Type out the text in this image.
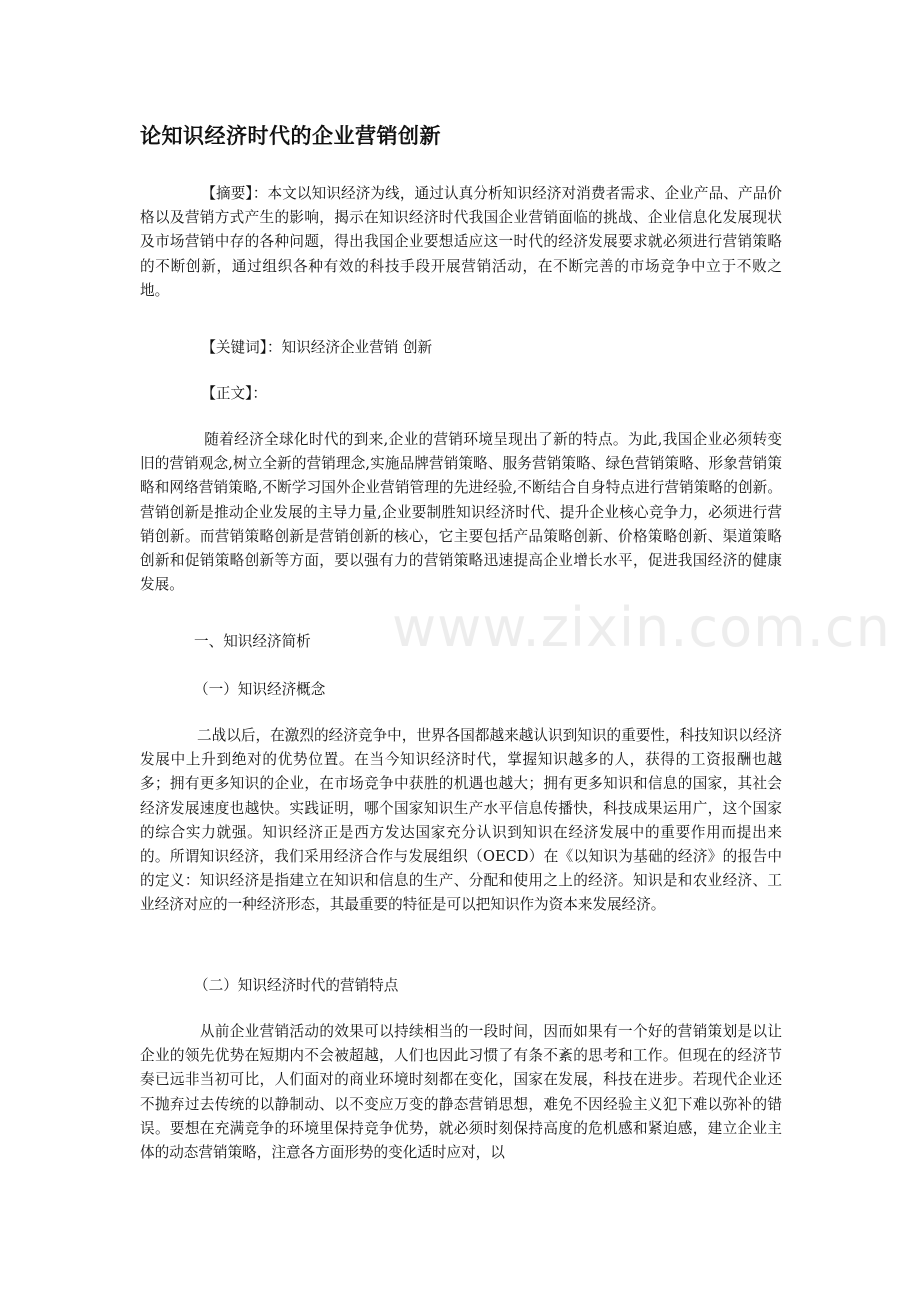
论知识经济时代的企业营销创新

【摘要】：本文以知识经济为线，通过认真分析知识经济对消费者需求、企业产品、产品价格以及营销方式产生的影响，揭示在知识经济时代我国企业营销面临的挑战、企业信息化发展现状及市场营销中存的各种问题，得出我国企业要想适应这一时代的经济发展要求就必须进行营销策略的不断创新，通过组织各种有效的科技手段开展营销活动，在不断完善的市场竞争中立于不败之地。

【关键词】：知识经济企业营销 创新

【正文】：

随着经济全球化时代的到来,企业的营销环境呈现出了新的特点。为此,我国企业必须转变旧的营销观念,树立全新的营销理念,实施品牌营销策略、服务营销策略、绿色营销策略、形象营销策略和网络营销策略,不断学习国外企业营销管理的先进经验,不断结合自身特点进行营销策略的创新。营销创新是推动企业发展的主导力量,企业要制胜知识经济时代、提升企业核心竞争力，必须进行营销创新。而营销策略创新是营销创新的核心，它主要包括产品策略创新、价格策略创新、渠道策略创新和促销策略创新等方面，要以强有力的营销策略迅速提高企业增长水平，促进我国经济的健康发展。

一、知识经济简析

（一）知识经济概念

二战以后，在激烈的经济竞争中，世界各国都越来越认识到知识的重要性，科技知识以经济发展中上升到绝对的优势位置。在当今知识经济时代，掌握知识越多的人，获得的工资报酬也越多；拥有更多知识的企业，在市场竞争中获胜的机遇也越大；拥有更多知识和信息的国家，其社会经济发展速度也越快。实践证明，哪个国家知识生产水平信息传播快，科技成果运用广，这个国家的综合实力就强。知识经济正是西方发达国家充分认识到知识在经济发展中的重要作用而提出来的。所谓知识经济，我们采用经济合作与发展组织（OECD）在《以知识为基础的经济》的报告中的定义：知识经济是指建立在知识和信息的生产、分配和使用之上的经济。知识是和农业经济、工业经济对应的一种经济形态，其最重要的特征是可以把知识作为资本来发展经济。

（二）知识经济时代的营销特点

从前企业营销活动的效果可以持续相当的一段时间，因而如果有一个好的营销策划是以让企业的领先优势在短期内不会被超越，人们也因此习惯了有条不紊的思考和工作。但现在的经济节奏已远非当初可比，人们面对的商业环境时刻都在变化，国家在发展，科技在进步。若现代企业还不抛弃过去传统的以静制动、以不变应万变的静态营销思想，难免不因经验主义犯下难以弥补的错误。要想在充满竞争的环境里保持竞争优势，就必须时刻保持高度的危机感和紧迫感，建立企业主体的动态营销策略，注意各方面形势的变化适时应对，以

www.zixin.com.cn
